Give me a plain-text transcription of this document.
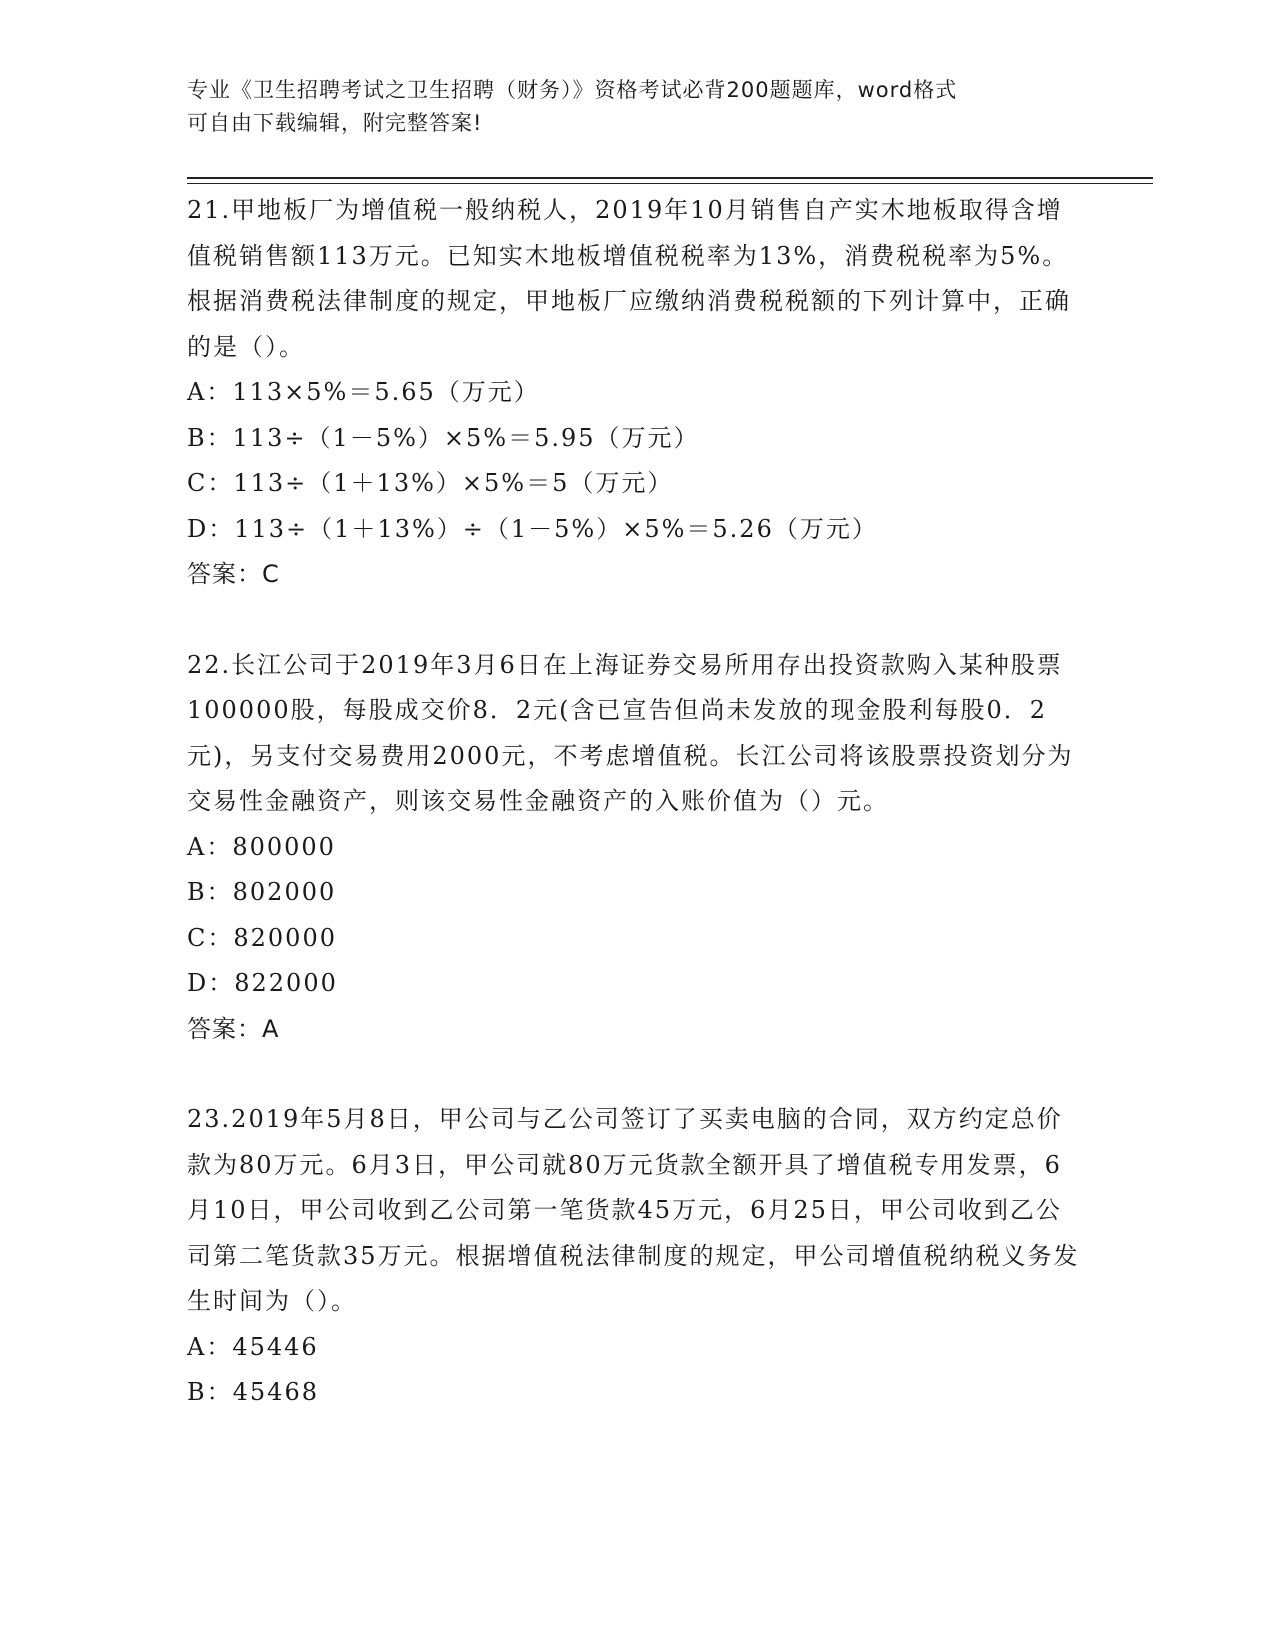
专业《卫生招聘考试之卫生招聘（财务）》资格考试必背200题题库，word格式
可自由下载编辑，附完整答案!

21.甲地板厂为增值税一般纳税人，2019年10月销售自产实木地板取得含增值税销售额113万元。已知实木地板增值税税率为13%，消费税税率为5%。根据消费税法律制度的规定，甲地板厂应缴纳消费税税额的下列计算中，正确的是（）。

A：113×5%＝5.65（万元）

B：113÷（1－5%）×5%＝5.95（万元）

C：113÷（1＋13%）×5%＝5（万元）

D：113÷（1＋13%）÷（1－5%）×5%＝5.26（万元）

答案：C

22.长江公司于2019年3月6日在上海证券交易所用存出投资款购入某种股票100000股，每股成交价8．2元(含已宣告但尚未发放的现金股利每股0．2元)，另支付交易费用2000元，不考虑增值税。长江公司将该股票投资划分为交易性金融资产，则该交易性金融资产的入账价值为（）元。

A：800000

B：802000

C：820000

D：822000

答案：A

23.2019年5月8日，甲公司与乙公司签订了买卖电脑的合同，双方约定总价款为80万元。6月3日，甲公司就80万元货款全额开具了增值税专用发票，6月10日，甲公司收到乙公司第一笔货款45万元，6月25日，甲公司收到乙公司第二笔货款35万元。根据增值税法律制度的规定，甲公司增值税纳税义务发生时间为（）。

A：45446

B：45468
